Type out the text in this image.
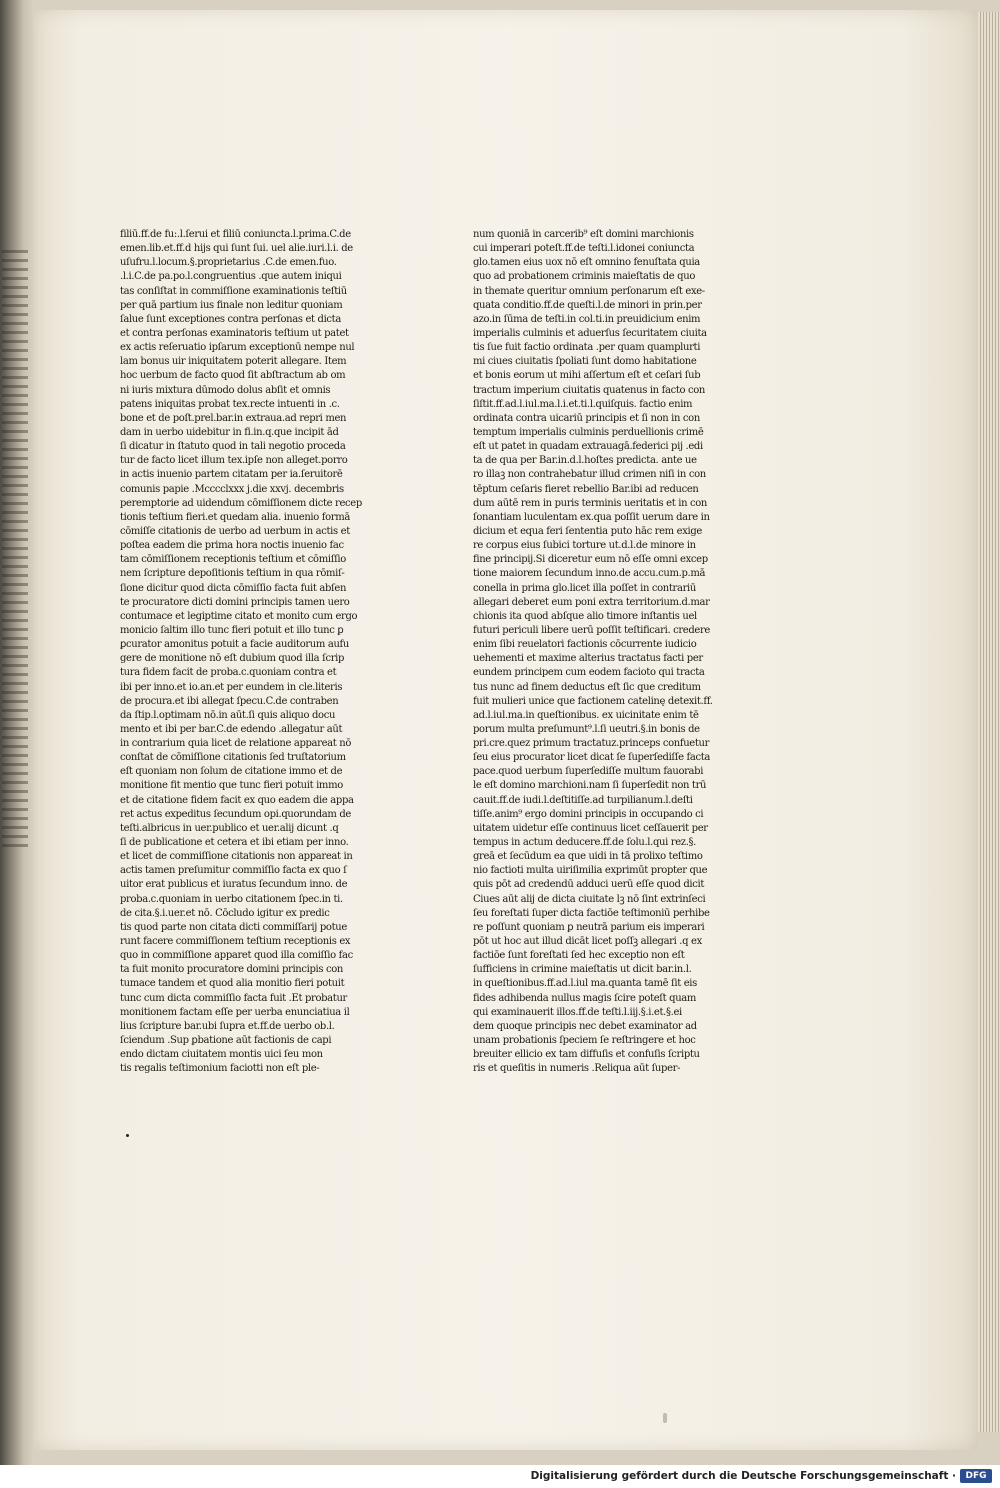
filiū.ff.de fu:.l.ſerui et filiū coniuncta.l.prima.C.de
emen.lib.et.ff.d hijs qui ſunt ſui. uel alie.iuri.l.i. de
uſufru.l.locum.§.proprietarius .C.de emen.fuo.
.l.i.C.de pa.po.l.congruentius .que autem iniqui
tas conſiſtat in commiſſione examinationis teſtiū
per quā partium ius finale non leditur quoniam
ſalue ſunt exceptiones contra perſonas et dicta
et contra perſonas examinatoris teſtium ut patet
ex actis reſeruatio ipſarum exceptionū nempe nul
lam bonus uir iniquitatem poterit allegare. Item
hoc uerbum de facto quod ſit abſtractum ab om
ni iuris mixtura dūmodo dolus abſit et omnis
patens iniquitas probat tex.recte intuenti in .c.
bone et de poſt.prel.bar.in extraua.ad repri men
dam in uerbo uidebitur in fi.in.q.que incipit ād
ſi dicatur in ſtatuto quod in tali negotio proceda
tur de facto licet illum tex.ipſe non alleget.porro
in actis inuenio partem citatam per ia.ſeruitorē
comunis papie .Mcccclxxx j.die xxvj. decembris
peremptorie ad uidendum cōmiſſionem dicte recep
tionis teſtium fieri.et quedam alia. inuenio formā
cōmiſſe citationis de uerbo ad uerbum in actis et
poſtea eadem die prima hora noctis inuenio fac
tam cōmiſſionem receptionis teſtium et cōmiſſio
nem ſcripture depoſitionis teſtium in qua rōmiſ-
ſione dicitur quod dicta cōmiſſio facta fuit abſen
te procuratore dicti domini principis tamen uero
contumace et legiptime citato et monito cum ergo
monicio ſaltim illo tunc fieri potuit et illo tunc ꝑ
ꝑcurator amonitus potuit a facie auditorum aufu
gere de monitione nō eſt dubium quod illa ſcrip
tura fidem facit de proba.c.quoniam contra et
ibi per inno.et io.an.et per eundem in cle.literis
de procura.et ibi allegat ſpecu.C.de contraben
da ſtip.l.optimam nō.in aūt.ſi quis aliquo docu
mento et ibi per bar.C.de edendo .allegatur aūt
in contrarium quia licet de relatione appareat nō
conſtat de cōmiſſione citationis ſed truſtatorium
eſt quoniam non ſolum de citatione immo et de
monitione fit mentio que tunc fieri potuit immo
et de citatione fidem facit ex quo eadem die appa
ret actus expeditus ſecundum opi.quorundam de
teſti.albricus in uer.publico et uer.alij dicunt .q
ſi de publicatione et cetera et ibi etiam per inno.
et licet de commiſſione citationis non appareat in
actis tamen preſumitur commiſſio facta ex quo ſ
uitor erat publicus et iuratus ſecundum inno. de
proba.c.quoniam in uerbo citationem ſpec.in ti.
de cita.§.i.uer.et nō. Cōcludo igitur ex predic
tis quod parte non citata dicti commiſſarij potue
runt facere commiſſionem teſtium receptionis ex
quo in commiſſione apparet quod illa comiſſio fac
ta fuit monito procuratore domini principis con
tumace tandem et quod alia monitio fieri potuit
tunc cum dicta commiſſio facta fuit .Et probatur
monitionem factam eſſe per uerba enunciatiua il
lius ſcripture bar.ubi ſupra et.ff.de uerbo ob.l.
ſciendum .Sup ꝑbatione aūt factionis de capi
endo dictam ciuitatem montis uici ſeu mon
tis regalis teſtimonium faciotti non eſt ple-
num quoniā in carcerib⁹ eſt domini marchionis
cui imperari poteſt.ff.de teſti.l.idonei coniuncta
glo.tamen eius uox nō eſt omnino fenuſtata quia
quo ad probationem criminis maieſtatis de quo
in themate queritur omnium perſonarum eſt exe-
quata conditio.ff.de queſti.l.de minori in prin.per
azo.in ſūma de teſti.in col.ti.in preuidicium enim
imperialis culminis et aduerſus ſecuritatem ciuita
tis ſue fuit factio ordinata .per quam quamplurti
mi ciues ciuitatis ſpoliati ſunt domo habitatione
et bonis eorum ut mihi aſſertum eſt et ceſari ſub
tractum imperium ciuitatis quatenus in facto con
ſiſtit.ff.ad.l.iul.ma.l.i.et.ti.l.quiſquis. factio enim
ordinata contra uicariū principis et ſi non in con
temptum imperialis culminis perduellionis crimē
eſt ut patet in quadam extrauagā.federici pij .edi
ta de qua per Bar.in.d.l.hoſtes predicta. ante ue
ro illaꝫ non contrahebatur illud crimen niſi in con
tēptum ceſaris fieret rebellio Bar.ibi ad reducen
dum aūtē rem in puris terminis ueritatis et in con
ſonantiam luculentam ex.qua poſſit uerum dare in
dicium et equa feri ſententia puto hāc rem exige
re corpus eius ſubici torture ut.d.l.de minore in
fine principij.Si diceretur eum nō eſſe omni excep
tione maiorem ſecundum inno.de accu.cum.p.mā
conella in prima glo.licet illa poſſet in contrariū
allegari deberet eum poni extra territorium.d.mar
chionis ita quod abſque alio timore inſtantis uel
futuri periculi libere uerū poſſit teſtificari. credere
enim ſibi reuelatori factionis cōcurrente iudicio
uehementi et maxime alterius tractatus facti per
eundem principem cum eodem facioto qui tracta
tus nunc ad finem deductus eſt ſic que creditum
fuit mulieri unice que factionem catelinę detexit.ff.
ad.l.iul.ma.in queſtionibus. ex uicinitate enim tē
porum multa preſumunt⁹.l.ſi ueutri.§.in bonis de
pri.cre.quez primum tractatuz.princeps confuetur
ſeu eius procurator licet dicat ſe ſuperſediſſe facta
pace.quod uerbum ſuperſediſſe multum fauorabi
le eſt domino marchioni.nam ſi ſuperſedit non trū
cauit.ff.de iudi.l.deſtitiſſe.ad turpilianum.l.deſti
tiſſe.anim⁹ ergo domini principis in occupando ci
uitatem uidetur eſſe continuus licet ceſſauerit per
tempus in actum deducere.ff.de ſolu.l.qui rez.§.
greā et ſecūdum ea que uidi in tā prolixo teſtimo
nio factioti multa uiriſimilia exprimūt propter que
quis pōt ad credendū adduci uerū eſſe quod dicit
Ciues aūt alij de dicta ciuitate lꝫ nō ſint extrinſeci
ſeu foreſtati ſuper dicta factiōe teſtimoniū perhibe
re poſſunt quoniam ꝑ neutrā parium eis imperari
pōt ut hoc aut illud dicāt licet poſſꝫ allegari .q ex
factiōe ſunt foreſtati ſed hec exceptio non eſt
ſufficiens in crimine maieſtatis ut dicit bar.in.l.
in queſtionibus.ff.ad.l.iul ma.quanta tamē ſit eis
fides adhibenda nullus magis ſcire poteſt quam
qui examinauerit illos.ff.de teſti.l.iij.§.i.et.§.ei
dem quoque principis nec debet examinator ad
unam probationis ſpeciem ſe reſtringere et hoc
breuiter ellicio ex tam diffuſis et confuſis ſcriptu
ris et queſitis in numeris .Reliqua aūt ſuper-
Digitalisierung gefördert durch die Deutsche Forschungsgemeinschaft ·	DFG
